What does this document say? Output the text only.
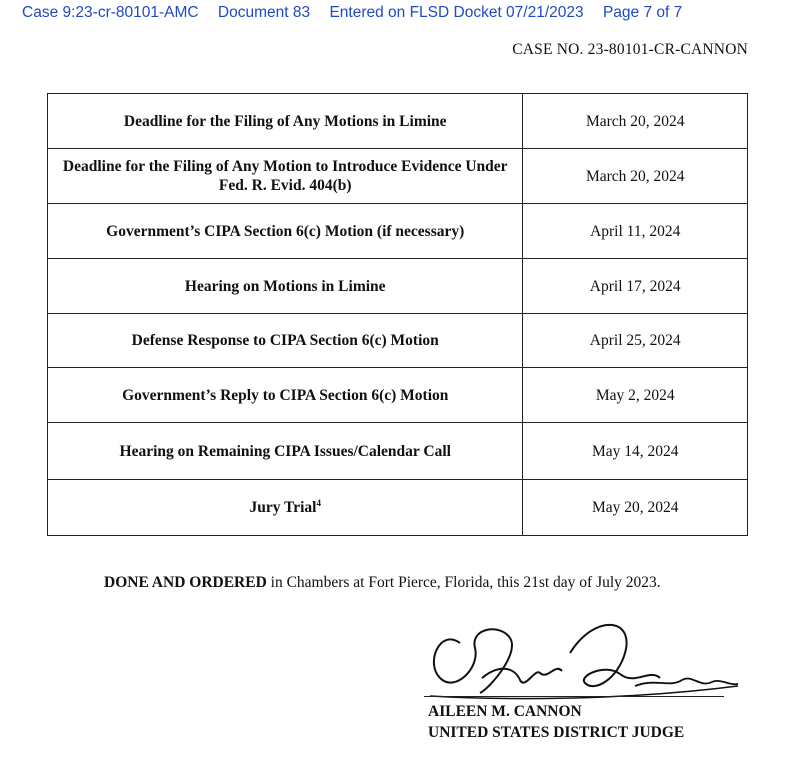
Case 9:23-cr-80101-AMC Document 83 Entered on FLSD Docket 07/21/2023 Page 7 of 7
CASE NO. 23-80101-CR-CANNON
Deadline for the Filing of Any Motions in Limine	March 20, 2024
Deadline for the Filing of Any Motion to Introduce Evidence Under Fed. R. Evid. 404(b)	March 20, 2024
Government’s CIPA Section 6(c) Motion (if necessary)	April 11, 2024
Hearing on Motions in Limine	April 17, 2024
Defense Response to CIPA Section 6(c) Motion	April 25, 2024
Government’s Reply to CIPA Section 6(c) Motion	May 2, 2024
Hearing on Remaining CIPA Issues/Calendar Call	May 14, 2024
Jury Trial$^4$	May 20, 2024
DONE AND ORDERED in Chambers at Fort Pierce, Florida, this 21st day of July 2023.
AILEEN M. CANNON
UNITED STATES DISTRICT JUDGE
